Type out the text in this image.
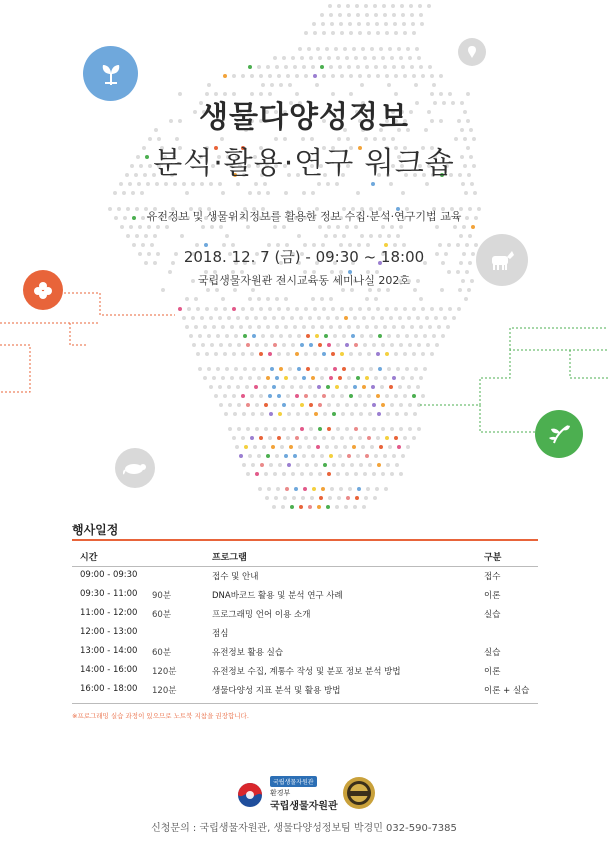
생물다양성정보
분석·활용·연구 워크숍
유전정보 및 생물위치정보를 활용한 정보 수집·분석·연구기법 교육
2018. 12. 7 (금) - 09:30 ~ 18:00
국립생물자원관 전시교육동 세미나실 202호
행사일정
시간	프로그램	구분
09:00 - 09:30	접수 및 안내	접수
09:30 - 11:00 90분	DNA바코드 활용 및 분석 연구 사례	이론
11:00 - 12:00 60분	프로그래밍 언어 이용 소개	실습
12:00 - 13:00	점심
13:00 - 14:00 60분	유전정보 활용 실습	실습
14:00 - 16:00 120분	유전정보 수집, 계통수 작성 및 분포 정보 분석 방법	이론
16:00 - 18:00 120분	생물다양성 지표 분석 및 활용 방법	이론 + 실습
※프로그래밍 실습 과정이 있으므로 노트북 지참을 권장합니다.
국립생물자원관
환경부
국립생물자원관
신청문의 : 국립생물자원관, 생물다양성정보팀 박경민 032-590-7385
